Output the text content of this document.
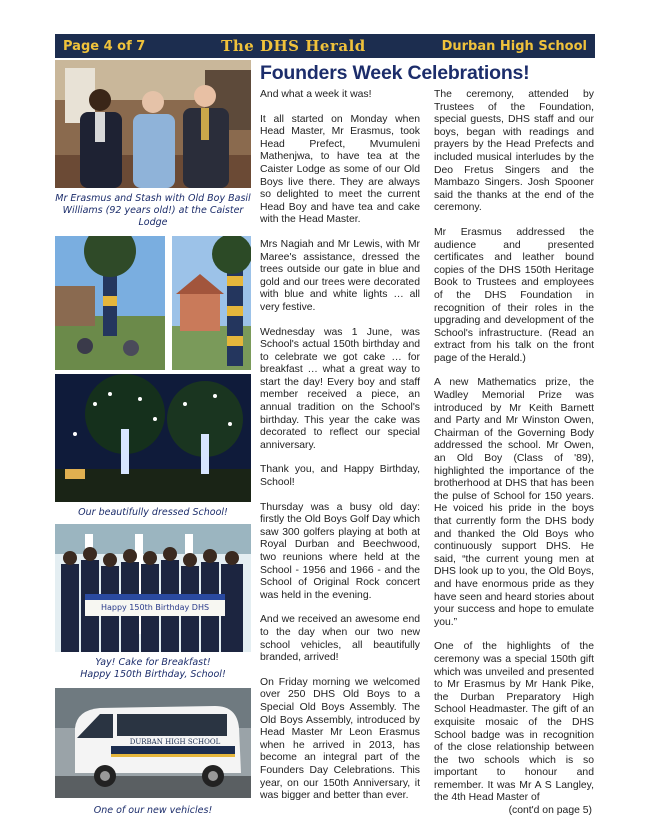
Page 4 of 7	The DHS Herald	Durban High School
Mr Erasmus and Stash with Old Boy Basil Williams (92 years old!) at the Caister Lodge
Our beautifully dressed School!
Happy 150th Birthday DHS
Yay! Cake for Breakfast!
Happy 150th Birthday, School!
DURBAN HIGH SCHOOL
One of our new vehicles!
Founders Week Celebrations!

And what a week it was!

It all started on Monday when Head Master, Mr Erasmus, took Head Prefect, Mvumuleni Mathenjwa, to have tea at the Caister Lodge as some of our Old Boys live there. They are always so delighted to meet the current Head Boy and have tea and cake with the Head Master.

Mrs Nagiah and Mr Lewis, with Mr Maree's assistance, dressed the trees outside our gate in blue and gold and our trees were decorated with blue and white lights … all very festive.

Wednesday was 1 June, was School's actual 150th birthday and to celebrate we got cake … for breakfast … what a great way to start the day! Every boy and staff member received a piece, an annual tradition on the School's birthday. This year the cake was decorated to reflect our special anniversary.

Thank you, and Happy Birthday, School!

Thursday was a busy old day: firstly the Old Boys Golf Day which saw 300 golfers playing at both at Royal Durban and Beechwood, two reunions where held at the School - 1956 and 1966 - and the School of Original Rock concert was held in the evening.

And we received an awesome end to the day when our two new school vehicles, all beautifully branded, arrived!

On Friday morning we welcomed over 250 DHS Old Boys to a Special Old Boys Assembly. The Old Boys Assembly, introduced by Head Master Mr Leon Erasmus when he arrived in 2013, has become an integral part of the Founders Day Celebrations. This year, on our 150th Anniversary, it was bigger and better than ever.

The ceremony, attended by Trustees of the Foundation, special guests, DHS staff and our boys, began with readings and prayers by the Head Prefects and included musical interludes by the Deo Fretus Singers and the Mambazo Singers. Josh Spooner said the thanks at the end of the ceremony.

Mr Erasmus addressed the audience and presented certificates and leather bound copies of the DHS 150th Heritage Book to Trustees and employees of the DHS Foundation in recognition of their roles in the upgrading and development of the School's infrastructure. (Read an extract from his talk on the front page of the Herald.)

A new Mathematics prize, the Wadley Memorial Prize was introduced by Mr Keith Barnett and Party and Mr Winston Owen, Chairman of the Governing Body addressed the school. Mr Owen, an Old Boy (Class of '89), highlighted the importance of the brotherhood at DHS that has been the pulse of School for 150 years. He voiced his pride in the boys that currently form the DHS body and thanked the Old Boys who continuously support DHS. He said, “the current young men at DHS look up to you, the Old Boys, and have enormous pride as they have seen and heard stories about your success and hope to emulate you.”

One of the highlights of the ceremony was a special 150th gift which was unveiled and presented to Mr Erasmus by Mr Hank Pike, the Durban Preparatory High School Headmaster. The gift of an exquisite mosaic of the DHS School badge was in recognition of the close relationship between the two schools which is so important to honour and remember. It was Mr A S Langley, the 4th Head Master of

(cont'd on page 5)
